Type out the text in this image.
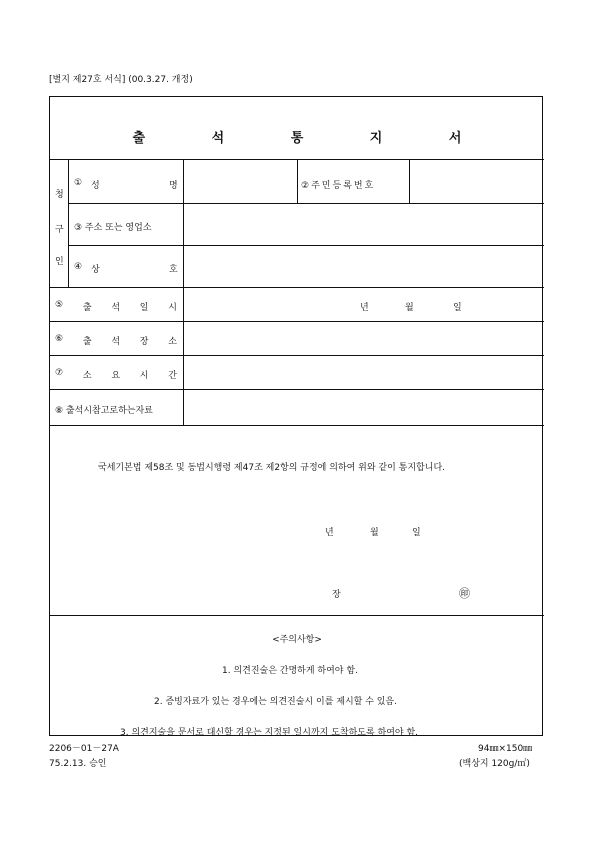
[별지 제27호 서식] (00.3.27. 개정)
출 석 통 지 서
청
구
인
① 성	명	②주민등록번호
③ 주소 또는 영업소
④ 상	호
⑤ 출 석 일 시	년	월	일
⑥ 출 석 장 소
⑦ 소 요 시 간
⑧ 출석시참고로하는자료
국세기본법 제58조 및 동법시행령 제47조 제2항의 규정에 의하여 위와 같이 통지합니다.
년	월	일
장	㊞
<주의사항>
1. 의견진술은 간명하게 하여야 함.
2. 증빙자료가 있는 경우에는 의견진술시 이를 제시할 수 있음.
3. 의견지술을 문서로 대신할 경우는 지정된 일시까지 도착하도록 하여야 함.
2206－01－27A
75.2.13. 승인
94㎜×150㎜
(백상지 120g/㎡)
